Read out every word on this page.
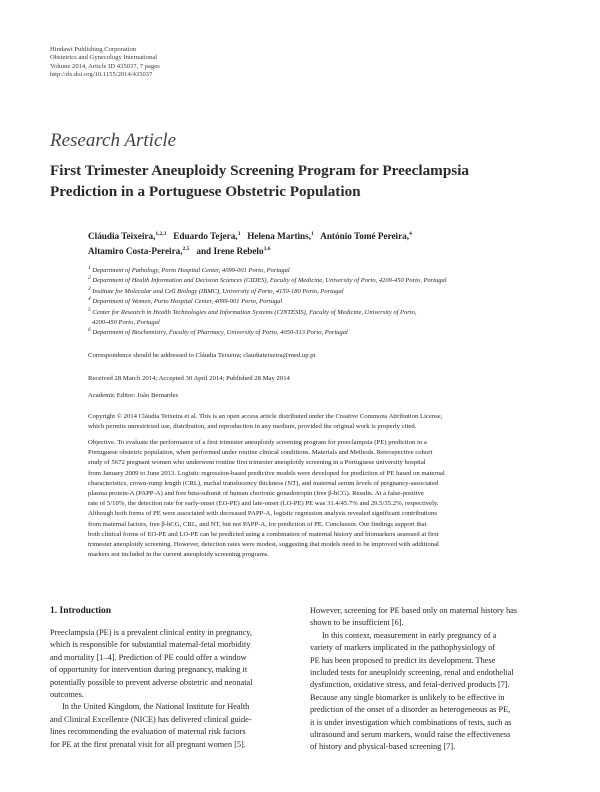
Hindawi Publishing Corporation
Obstetrics and Gynecology International
Volume 2014, Article ID 435037, 7 pages
http://dx.doi.org/10.1155/2014/435037
Research Article
First Trimester Aneuploidy Screening Program for Preeclampsia
Prediction in a Portuguese Obstetric Population
Cláudia Teixeira,$^{1,2,3}$ Eduardo Tejera,$^3$ Helena Martins,$^1$ António Tomé Pereira,$^4$
Altamiro Costa-Pereira,$^{2,5}$ and Irene Rebelo$^{3,6}$
$^1$ Department of Pathology, Porto Hospital Center, 4099-001 Porto, Portugal
$^2$ Department of Health Information and Decision Sciences (CIDES), Faculty of Medicine, University of Porto, 4200-450 Porto, Portugal
$^3$ Institute for Molecular and Cell Biology (IBMC), University of Porto, 4150-180 Porto, Portugal
$^4$ Department of Women, Porto Hospital Center, 4099-001 Porto, Portugal
$^5$ Center for Research in Health Technologies and Information Systems (CINTESIS), Faculty of Medicine, University of Porto,
4200-450 Porto, Portugal
$^6$ Department of Biochemistry, Faculty of Pharmacy, University of Porto, 4050-313 Porto, Portugal
Correspondence should be addressed to Cláudia Teixeira; claudiateixeira@med.up.pt
Received 28 March 2014; Accepted 30 April 2014; Published 28 May 2014
Academic Editor: João Bernardes
Copyright © 2014 Cláudia Teixeira et al. This is an open access article distributed under the Creative Commons Attribution License,
which permits unrestricted use, distribution, and reproduction in any medium, provided the original work is properly cited.
Objective. To evaluate the performance of a first trimester aneuploidy screening program for preeclampsia (PE) prediction in a
Portuguese obstetric population, when performed under routine clinical conditions. Materials and Methods. Retrospective cohort
study of 5672 pregnant women who underwent routine first trimester aneuploidy screening in a Portuguese university hospital
from January 2009 to June 2013. Logistic regression-based predictive models were developed for prediction of PE based on maternal
characteristics, crown-rump length (CRL), nuchal translucency thickness (NT), and maternal serum levels of pregnancy-associated
plasma protein-A (PAPP-A) and free beta-subunit of human chorionic gonadotropin (free β-hCG). Results. At a false-positive
rate of 5/10%, the detection rate for early-onset (EO-PE) and late-onset (LO-PE) PE was 31.4/45.7% and 29.5/35.2%, respectively.
Although both forms of PE were associated with decreased PAPP-A, logistic regression analysis revealed significant contributions
from maternal factors, free β-hCG, CRL, and NT, but not PAPP-A, for prediction of PE. Conclusion. Our findings support that
both clinical forms of EO-PE and LO-PE can be predicted using a combination of maternal history and biomarkers assessed at first
trimester aneuploidy screening. However, detection rates were modest, suggesting that models need to be improved with additional
markers not included in the current aneuploidy screening programs.
1. Introduction
Preeclampsia (PE) is a prevalent clinical entity in pregnancy,
which is responsible for substantial maternal-fetal morbidity
and mortality [1–4]. Prediction of PE could offer a window
of opportunity for intervention during pregnancy, making it
potentially possible to prevent adverse obstetric and neonatal
outcomes.
In the United Kingdom, the National Institute for Health
and Clinical Excellence (NICE) has delivered clinical guide-
lines recommending the evaluation of maternal risk factors
for PE at the first prenatal visit for all pregnant women [5].
However, screening for PE based only on maternal history has
shown to be insufficient [6].
In this context, measurement in early pregnancy of a
variety of markers implicated in the pathophysiology of
PE has been proposed to predict its development. These
included tests for aneuploidy screening, renal and endothelial
dysfunction, oxidative stress, and fetal-derived products [7].
Because any single biomarker is unlikely to be effective in
prediction of the onset of a disorder as heterogeneous as PE,
it is under investigation which combinations of tests, such as
ultrasound and serum markers, would raise the effectiveness
of history and physical-based screening [7].
